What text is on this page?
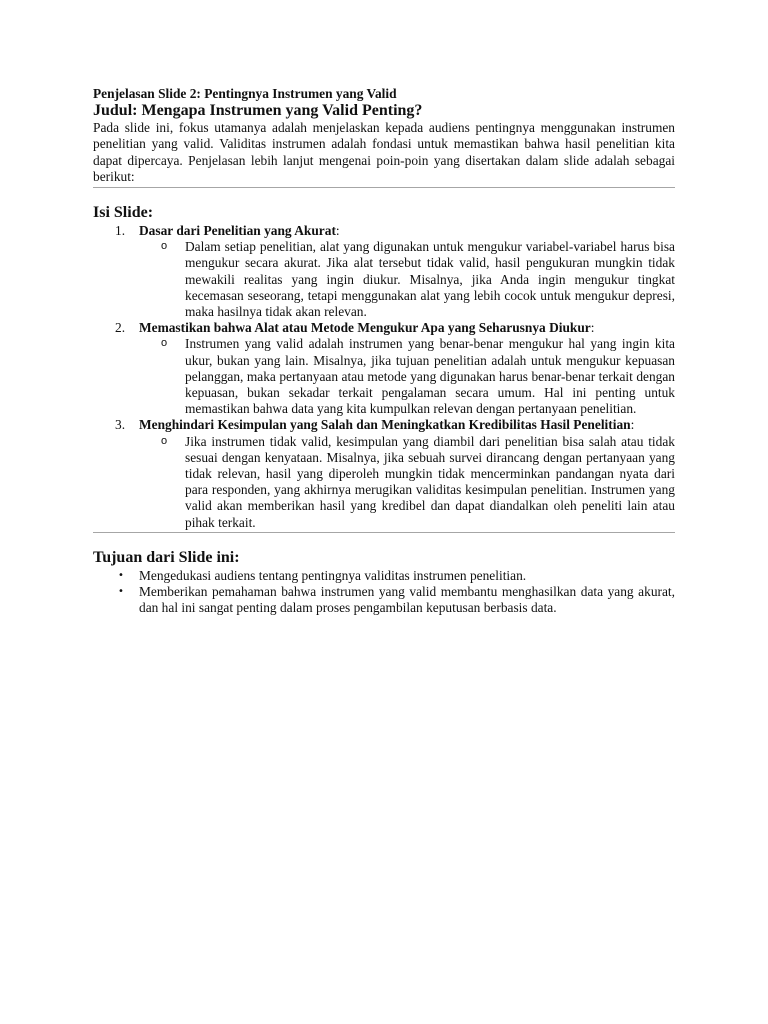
Penjelasan Slide 2: Pentingnya Instrumen yang Valid

Judul: Mengapa Instrumen yang Valid Penting?

Pada slide ini, fokus utamanya adalah menjelaskan kepada audiens pentingnya menggunakan instrumen penelitian yang valid. Validitas instrumen adalah fondasi untuk memastikan bahwa hasil penelitian kita dapat dipercaya. Penjelasan lebih lanjut mengenai poin-poin yang disertakan dalam slide adalah sebagai berikut:

Isi Slide:

1. Dasar dari Penelitian yang Akurat:
o Dalam setiap penelitian, alat yang digunakan untuk mengukur variabel-variabel harus bisa mengukur secara akurat. Jika alat tersebut tidak valid, hasil pengukuran mungkin tidak mewakili realitas yang ingin diukur. Misalnya, jika Anda ingin mengukur tingkat kecemasan seseorang, tetapi menggunakan alat yang lebih cocok untuk mengukur depresi, maka hasilnya tidak akan relevan.
2. Memastikan bahwa Alat atau Metode Mengukur Apa yang Seharusnya Diukur:
o Instrumen yang valid adalah instrumen yang benar-benar mengukur hal yang ingin kita ukur, bukan yang lain. Misalnya, jika tujuan penelitian adalah untuk mengukur kepuasan pelanggan, maka pertanyaan atau metode yang digunakan harus benar-benar terkait dengan kepuasan, bukan sekadar terkait pengalaman secara umum. Hal ini penting untuk memastikan bahwa data yang kita kumpulkan relevan dengan pertanyaan penelitian.
3. Menghindari Kesimpulan yang Salah dan Meningkatkan Kredibilitas Hasil Penelitian:
o Jika instrumen tidak valid, kesimpulan yang diambil dari penelitian bisa salah atau tidak sesuai dengan kenyataan. Misalnya, jika sebuah survei dirancang dengan pertanyaan yang tidak relevan, hasil yang diperoleh mungkin tidak mencerminkan pandangan nyata dari para responden, yang akhirnya merugikan validitas kesimpulan penelitian. Instrumen yang valid akan memberikan hasil yang kredibel dan dapat diandalkan oleh peneliti lain atau pihak terkait.

Tujuan dari Slide ini:

• Mengedukasi audiens tentang pentingnya validitas instrumen penelitian.
• Memberikan pemahaman bahwa instrumen yang valid membantu menghasilkan data yang akurat, dan hal ini sangat penting dalam proses pengambilan keputusan berbasis data.
